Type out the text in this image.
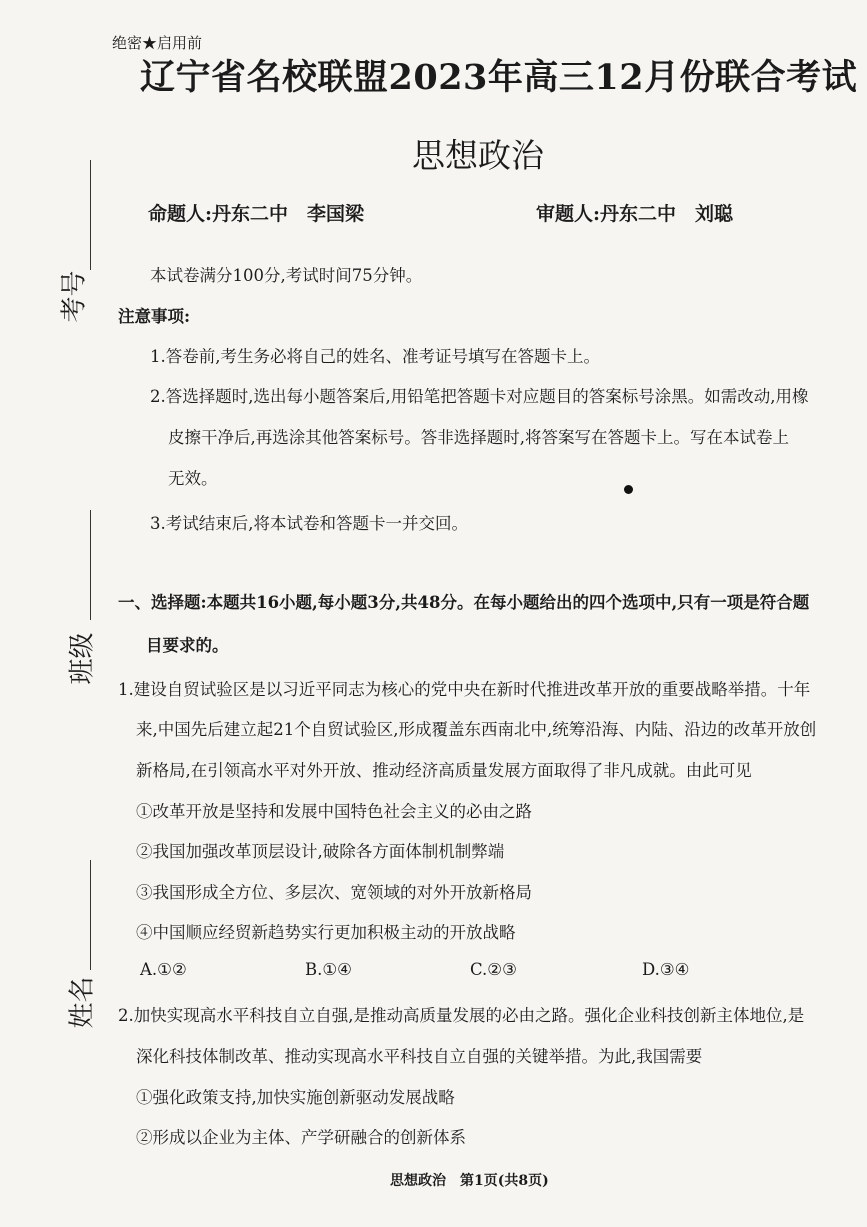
考号
班级
姓名
绝密★启用前
辽宁省名校联盟2023年高三12月份联合考试
思想政治
命题人:丹东二中　李国梁	审题人:丹东二中　刘聪
本试卷满分100分,考试时间75分钟。
注意事项:
1.答卷前,考生务必将自己的姓名、准考证号填写在答题卡上。
2.答选择题时,选出每小题答案后,用铅笔把答题卡对应题目的答案标号涂黑。如需改动,用橡
皮擦干净后,再选涂其他答案标号。答非选择题时,将答案写在答题卡上。写在本试卷上
无效。
3.考试结束后,将本试卷和答题卡一并交回。
一、选择题:本题共16小题,每小题3分,共48分。在每小题给出的四个选项中,只有一项是符合题
目要求的。
1.建设自贸试验区是以习近平同志为核心的党中央在新时代推进改革开放的重要战略举措。十年
来,中国先后建立起21个自贸试验区,形成覆盖东西南北中,统筹沿海、内陆、沿边的改革开放创
新格局,在引领高水平对外开放、推动经济高质量发展方面取得了非凡成就。由此可见
①改革开放是坚持和发展中国特色社会主义的必由之路
②我国加强改革顶层设计,破除各方面体制机制弊端
③我国形成全方位、多层次、宽领域的对外开放新格局
④中国顺应经贸新趋势实行更加积极主动的开放战略
A.①②	B.①④	C.②③	D.③④
2.加快实现高水平科技自立自强,是推动高质量发展的必由之路。强化企业科技创新主体地位,是
深化科技体制改革、推动实现高水平科技自立自强的关键举措。为此,我国需要
①强化政策支持,加快实施创新驱动发展战略
②形成以企业为主体、产学研融合的创新体系
思想政治　第1页(共8页)
